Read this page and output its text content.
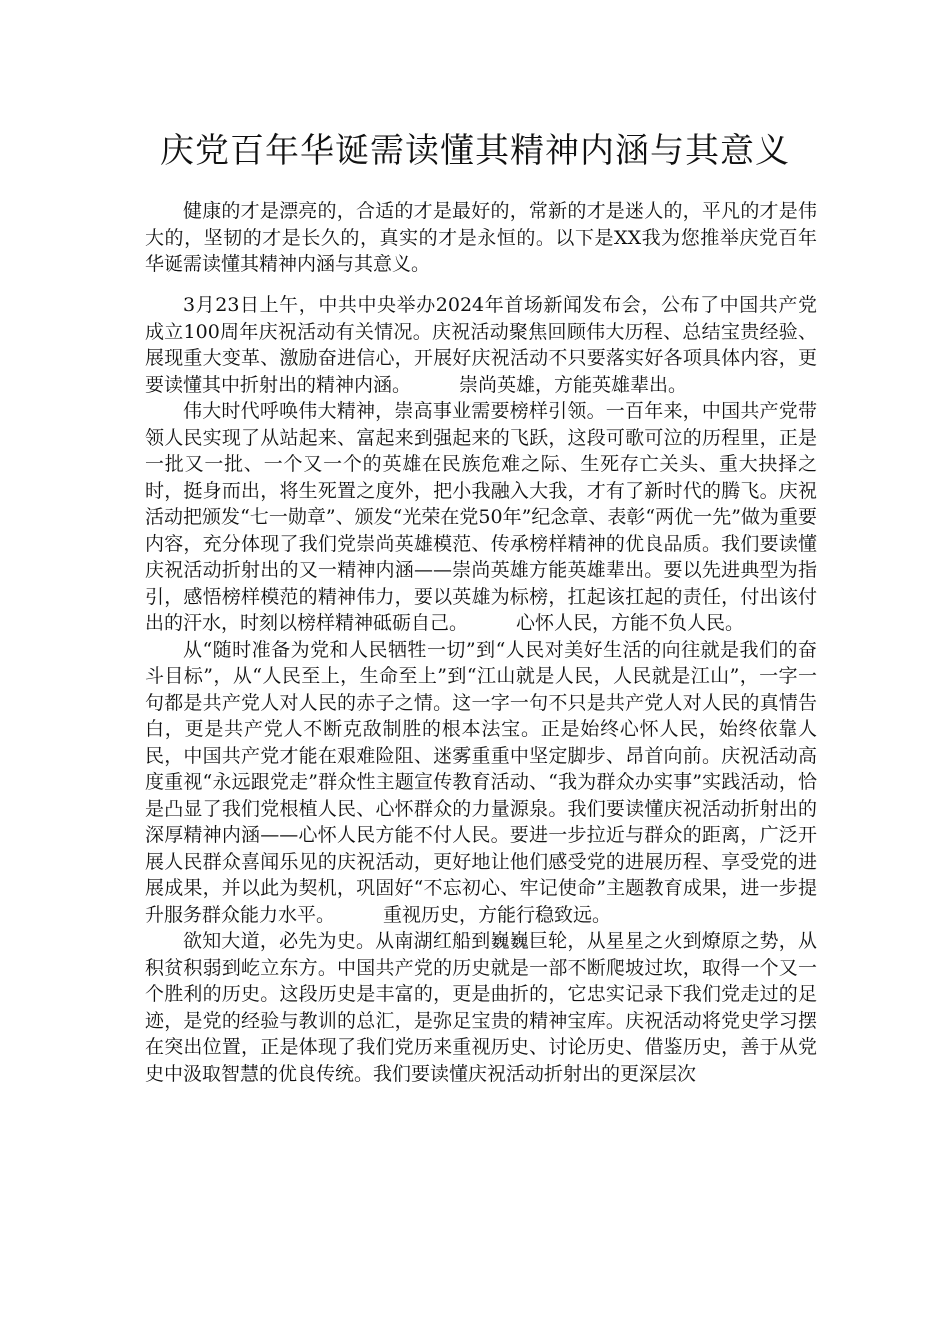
庆党百年华诞需读懂其精神内涵与其意义

健康的才是漂亮的，合适的才是最好的，常新的才是迷人的，平凡的才是伟大的，坚韧的才是长久的，真实的才是永恒的。以下是XX我为您推举庆党百年华诞需读懂其精神内涵与其意义。

3月23日上午，中共中央举办2024年首场新闻发布会，公布了中国共产党成立100周年庆祝活动有关情况。庆祝活动聚焦回顾伟大历程、总结宝贵经验、展现重大变革、激励奋进信心，开展好庆祝活动不只要落实好各项具体内容，更要读懂其中折射出的精神内涵。	崇尚英雄，方能英雄辈出。

伟大时代呼唤伟大精神，崇高事业需要榜样引领。一百年来，中国共产党带领人民实现了从站起来、富起来到强起来的飞跃，这段可歌可泣的历程里，正是一批又一批、一个又一个的英雄在民族危难之际、生死存亡关头、重大抉择之时，挺身而出，将生死置之度外，把小我融入大我，才有了新时代的腾飞。庆祝活动把颁发“七一勋章”、颁发“光荣在党50年”纪念章、表彰“两优一先”做为重要内容，充分体现了我们党崇尚英雄模范、传承榜样精神的优良品质。我们要读懂庆祝活动折射出的又一精神内涵——崇尚英雄方能英雄辈出。要以先进典型为指引，感悟榜样模范的精神伟力，要以英雄为标榜，扛起该扛起的责任，付出该付出的汗水，时刻以榜样精神砥砺自己。	心怀人民，方能不负人民。

从“随时准备为党和人民牺牲一切”到“人民对美好生活的向往就是我们的奋斗目标”，从“人民至上，生命至上”到“江山就是人民，人民就是江山”，一字一句都是共产党人对人民的赤子之情。这一字一句不只是共产党人对人民的真情告白，更是共产党人不断克敌制胜的根本法宝。正是始终心怀人民，始终依靠人民，中国共产党才能在艰难险阻、迷雾重重中坚定脚步、昂首向前。庆祝活动高度重视“永远跟党走”群众性主题宣传教育活动、“我为群众办实事”实践活动，恰是凸显了我们党根植人民、心怀群众的力量源泉。我们要读懂庆祝活动折射出的深厚精神内涵——心怀人民方能不付人民。要进一步拉近与群众的距离，广泛开展人民群众喜闻乐见的庆祝活动，更好地让他们感受党的进展历程、享受党的进展成果，并以此为契机，巩固好“不忘初心、牢记使命”主题教育成果，进一步提升服务群众能力水平。	重视历史，方能行稳致远。

欲知大道，必先为史。从南湖红船到巍巍巨轮，从星星之火到燎原之势，从积贫积弱到屹立东方。中国共产党的历史就是一部不断爬坡过坎，取得一个又一个胜利的历史。这段历史是丰富的，更是曲折的，它忠实记录下我们党走过的足迹，是党的经验与教训的总汇，是弥足宝贵的精神宝库。庆祝活动将党史学习摆在突出位置，正是体现了我们党历来重视历史、讨论历史、借鉴历史，善于从党史中汲取智慧的优良传统。我们要读懂庆祝活动折射出的更深层次
